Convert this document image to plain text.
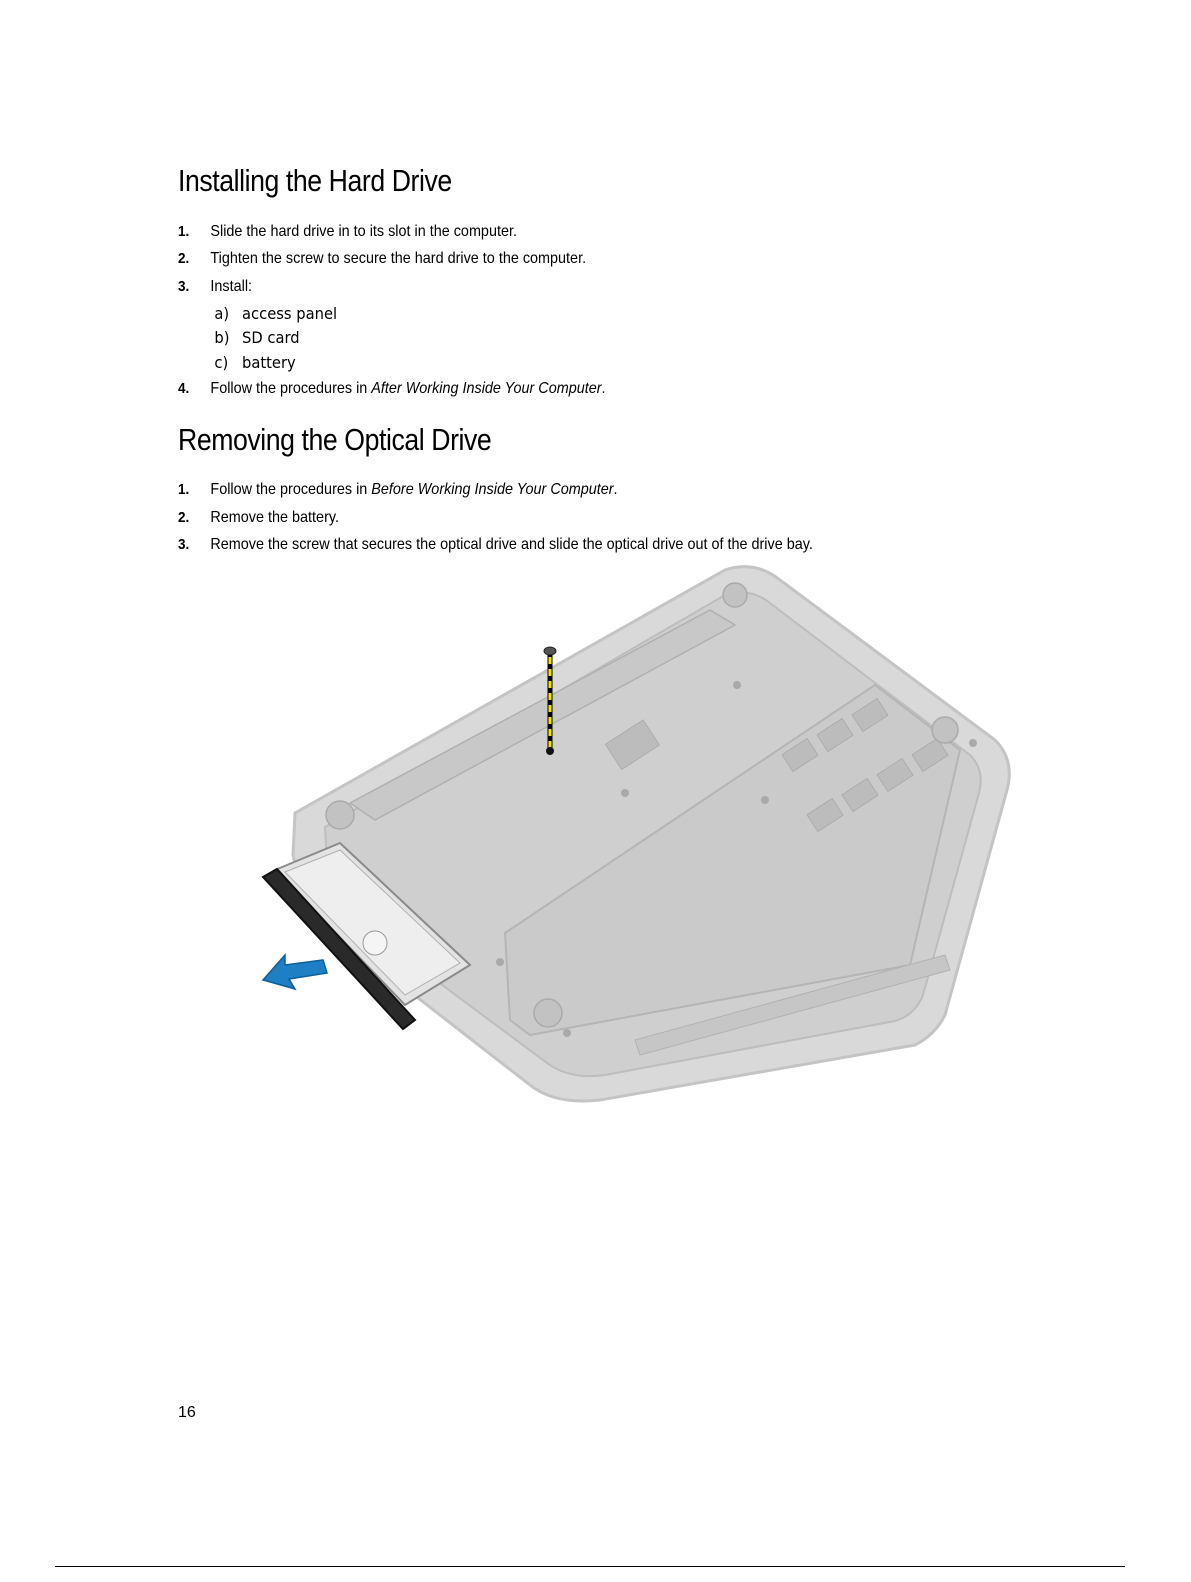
Installing the Hard Drive
1. Slide the hard drive in to its slot in the computer.
2. Tighten the screw to secure the hard drive to the computer.
3. Install:
a) access panel
b) SD card
c) battery
4. Follow the procedures in After Working Inside Your Computer.
Removing the Optical Drive
1. Follow the procedures in Before Working Inside Your Computer.
2. Remove the battery.
3. Remove the screw that secures the optical drive and slide the optical drive out of the drive bay.
16
